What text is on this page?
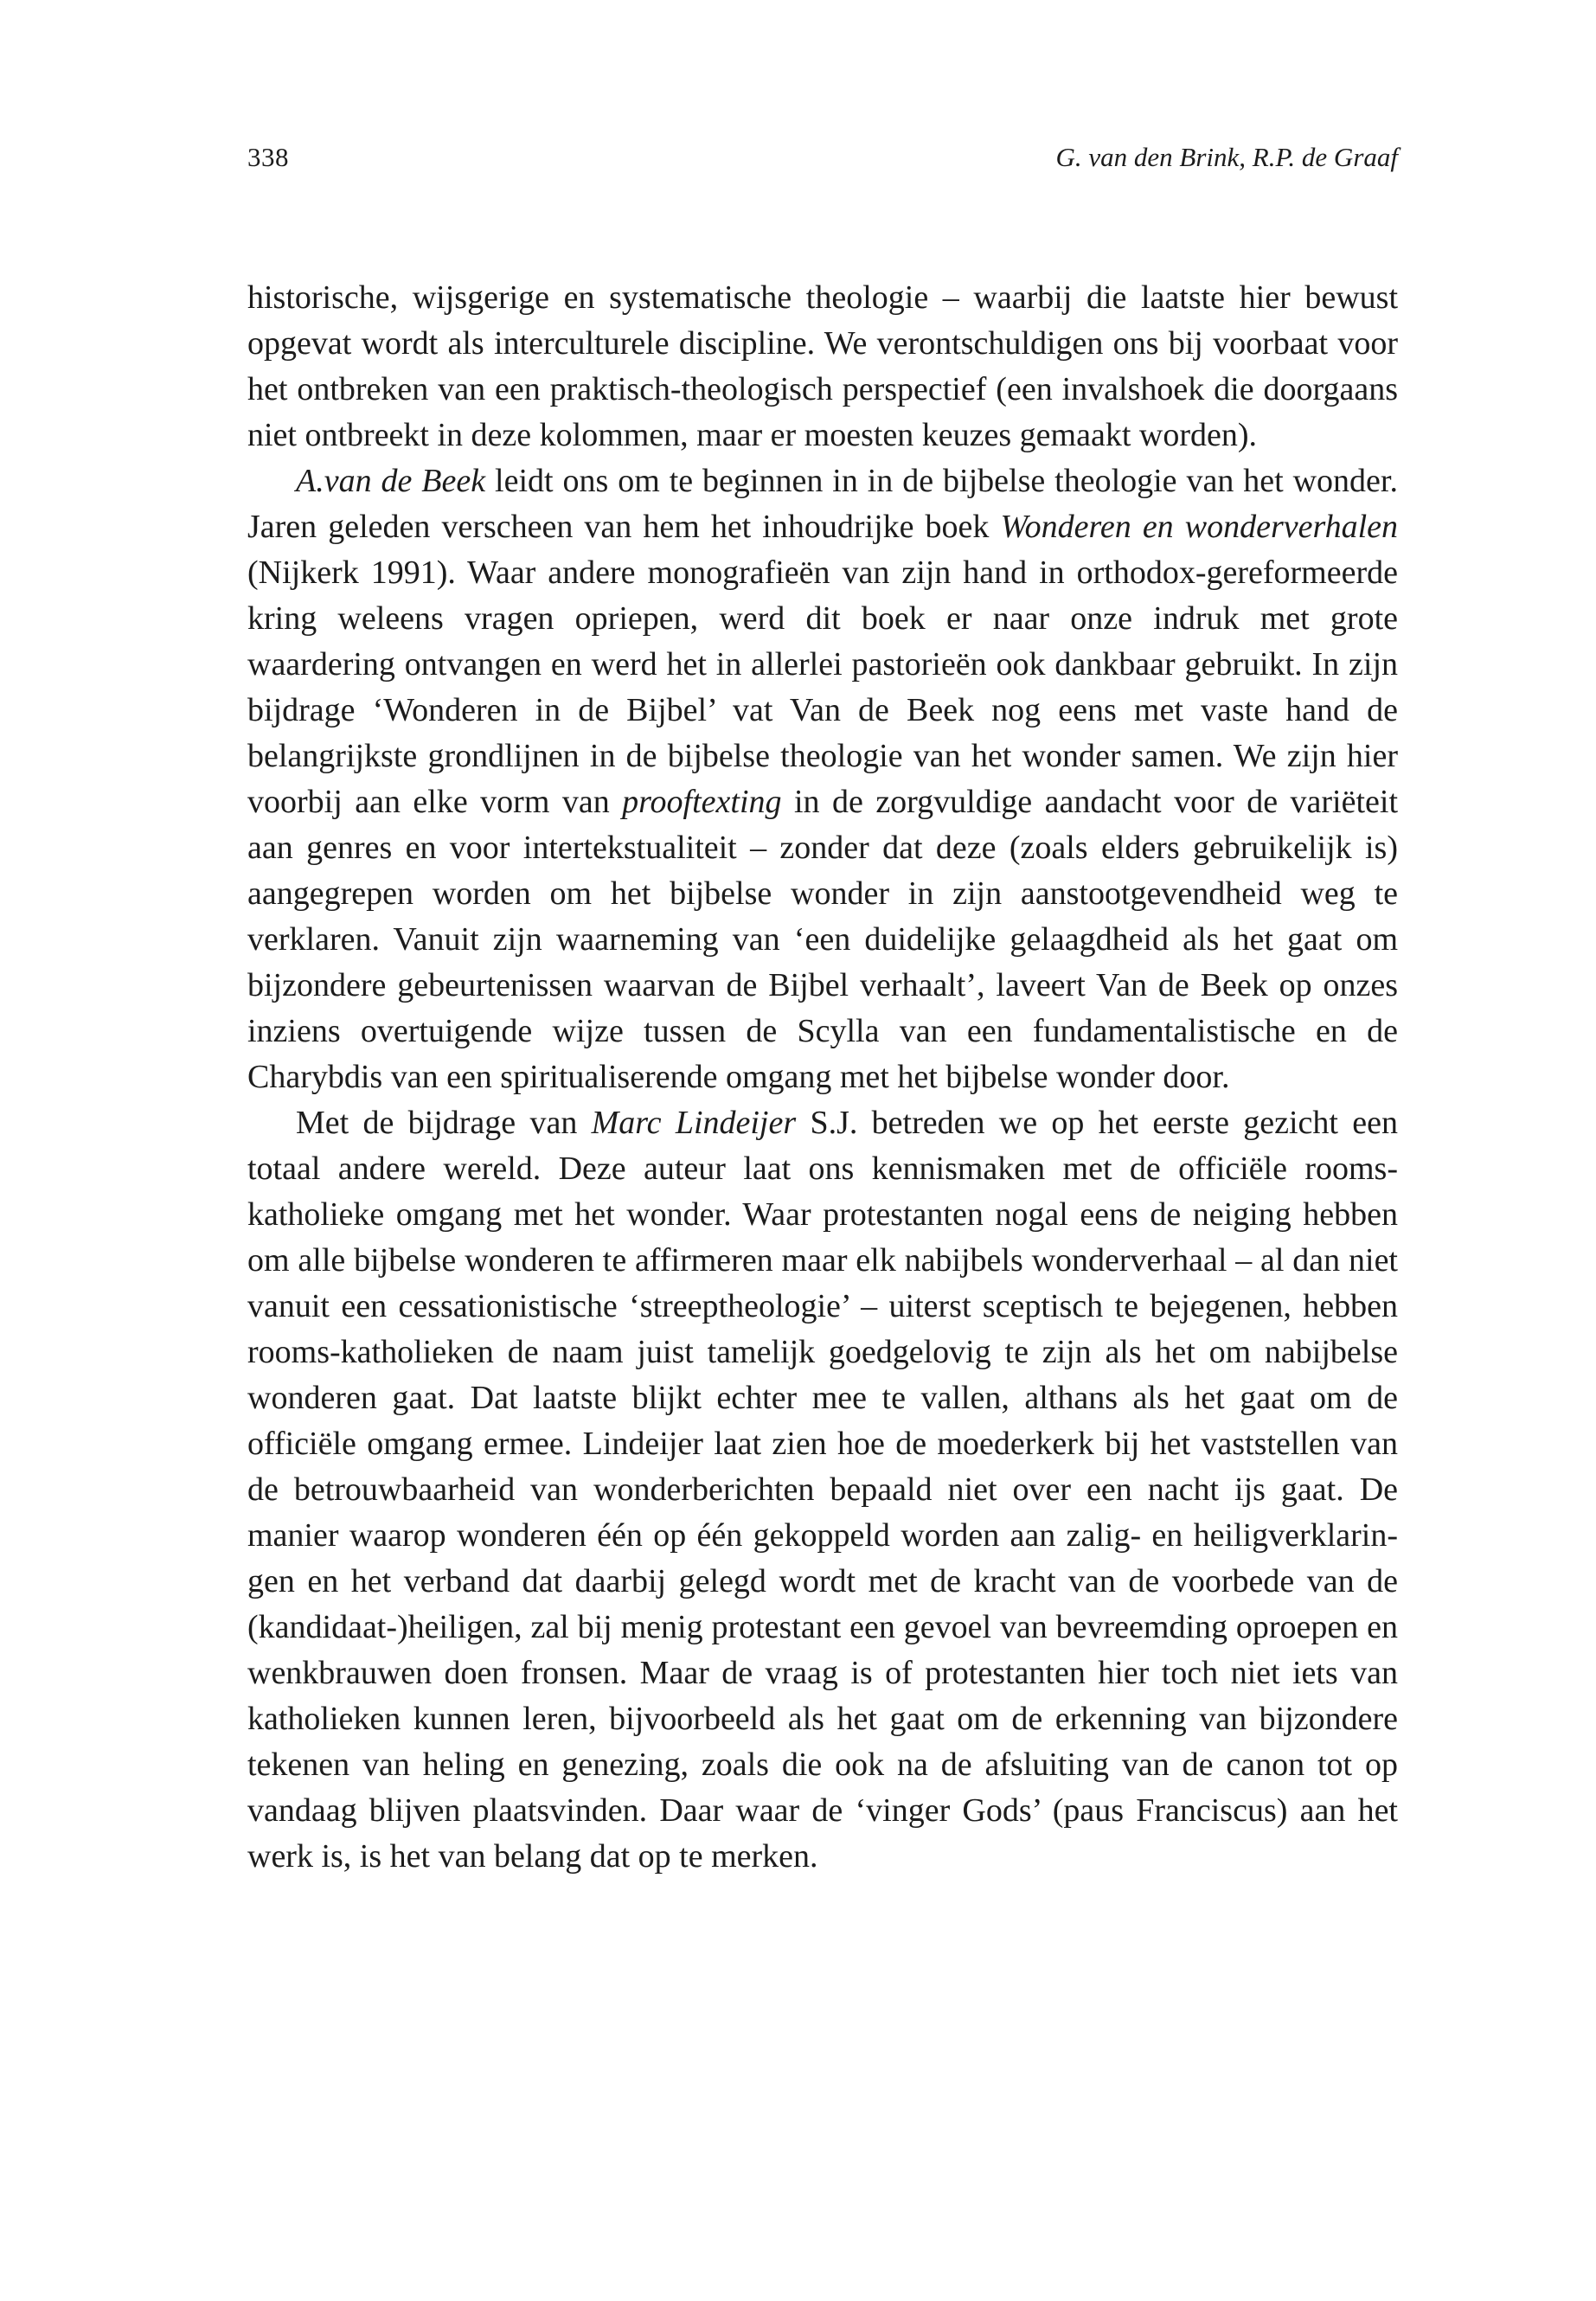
338	G. van den Brink, R.P. de Graaf

historische, wijsgerige en systematische theologie – waarbij die laatste hier bewust opgevat wordt als interculturele discipline. We verontschuldigen ons bij voorbaat voor het ontbreken van een praktisch-theologisch perspectief (een invalshoek die doorgaans niet ontbreekt in deze kolommen, maar er moesten keuzes gemaakt worden).

A.van de Beek leidt ons om te beginnen in in de bijbelse theologie van het wonder. Jaren geleden verscheen van hem het inhoudrijke boek Wonderen en wonderverhalen (Nijkerk 1991). Waar andere monografieën van zijn hand in orthodox-gereformeerde kring weleens vragen opriepen, werd dit boek er naar onze indruk met grote waardering ontvangen en werd het in allerlei pastorieën ook dankbaar gebruikt. In zijn bijdrage ‘Wonderen in de Bijbel’ vat Van de Beek nog eens met vaste hand de belangrijkste grondlijnen in de bijbelse theologie van het wonder samen. We zijn hier voorbij aan elke vorm van prooftexting in de zorgvuldige aandacht voor de variëteit aan genres en voor intertekstualiteit – zonder dat deze (zoals elders gebruikelijk is) aangegrepen worden om het bijbelse wonder in zijn aanstootgevendheid weg te verklaren. Vanuit zijn waarneming van ‘een duidelijke gelaagdheid als het gaat om bijzondere gebeurtenissen waarvan de Bijbel verhaalt’, laveert Van de Beek op onzes inziens overtuigende wijze tussen de Scylla van een fundamentalistische en de Charybdis van een spiritualiserende omgang met het bijbelse wonder door.

Met de bijdrage van Marc Lindeijer S.J. betreden we op het eerste gezicht een totaal andere wereld. Deze auteur laat ons kennismaken met de officiële rooms-katholieke omgang met het wonder. Waar protestanten nogal eens de neiging hebben om alle bijbelse wonderen te affirmeren maar elk nabijbels wonderverhaal – al dan niet vanuit een cessationistische ‘streeptheologie’ – uiterst sceptisch te bejegenen, hebben rooms-katholieken de naam juist tamelijk goedgelovig te zijn als het om nabijbelse wonderen gaat. Dat laatste blijkt echter mee te vallen, althans als het gaat om de officiële omgang ermee. Lindeijer laat zien hoe de moederkerk bij het vaststellen van de betrouwbaarheid van wonderberichten bepaald niet over een nacht ijs gaat. De manier waarop wonderen één op één gekoppeld worden aan zalig- en heiligverklaringen en het verband dat daarbij gelegd wordt met de kracht van de voorbede van de (kandidaat-)heiligen, zal bij menig protestant een gevoel van bevreemding oproepen en wenkbrauwen doen fronsen. Maar de vraag is of protestanten hier toch niet iets van katholieken kunnen leren, bijvoorbeeld als het gaat om de erkenning van bijzondere tekenen van heling en genezing, zoals die ook na de afsluiting van de canon tot op vandaag blijven plaatsvinden. Daar waar de ‘vinger Gods’ (paus Franciscus) aan het werk is, is het van belang dat op te merken.
